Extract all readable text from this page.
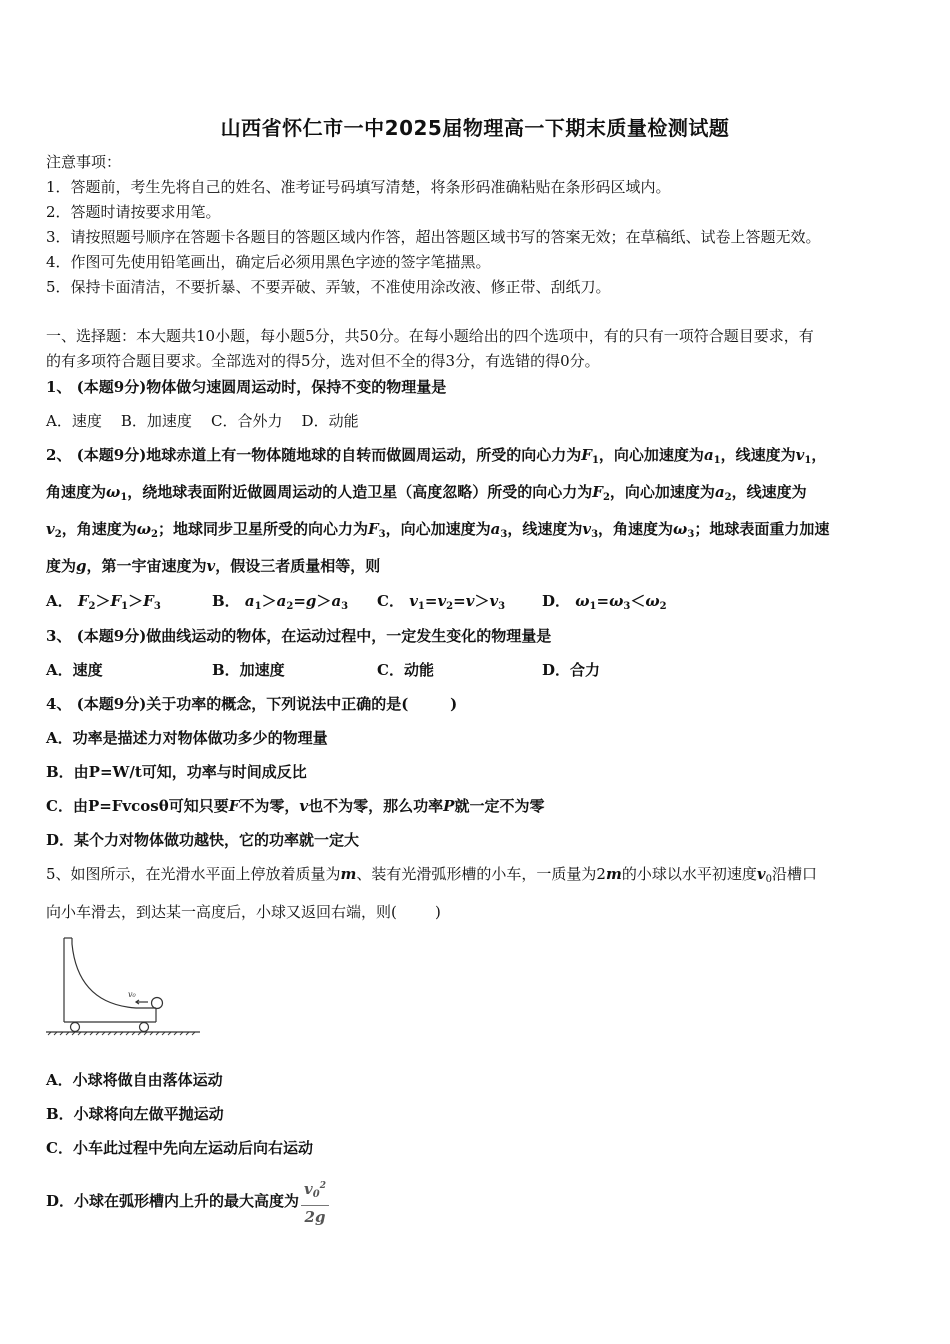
山西省怀仁市一中2025届物理高一下期末质量检测试题
注意事项：
1．答题前，考生先将自己的姓名、准考证号码填写清楚，将条形码准确粘贴在条形码区域内。
2．答题时请按要求用笔。
3．请按照题号顺序在答题卡各题目的答题区域内作答，超出答题区域书写的答案无效；在草稿纸、试卷上答题无效。
4．作图可先使用铅笔画出，确定后必须用黑色字迹的签字笔描黑。
5．保持卡面清洁，不要折暴、不要弄破、弄皱，不准使用涂改液、修正带、刮纸刀。
一、选择题：本大题共10小题，每小题5分，共50分。在每小题给出的四个选项中，有的只有一项符合题目要求，有
的有多项符合题目要求。全部选对的得5分，选对但不全的得3分，有选错的得0分。
1、 (本题9分)物体做匀速圆周运动时，保持不变的物理量是
A．速度    B．加速度    C．合外力    D．动能
2、 (本题9分)地球赤道上有一物体随地球的自转而做圆周运动，所受的向心力为$F_1$，向心加速度为$a_1$，线速度为$v_1$，
角速度为$\omega_1$，绕地球表面附近做圆周运动的人造卫星（高度忽略）所受的向心力为$F_2$，向心加速度为$a_2$，线速度为
$v_2$，角速度为$\omega_2$；地球同步卫星所受的向心力为$F_3$，向心加速度为$a_3$，线速度为$v_3$，角速度为$\omega_3$；地球表面重力加速
度为g，第一宇宙速度为v，假设三者质量相等，则
A． $F_2>F_1>F_3$	B． $a_1>a_2=g>a_3$ C． $v_1=v_2=v>v_3$ D． $\omega_1=\omega_3<\omega_2$
3、 (本题9分)做曲线运动的物体，在运动过程中，一定发生变化的物理量是
A．速度	B．加速度	C．动能	D．合力
4、 (本题9分)关于功率的概念，下列说法中正确的是(        )
A．功率是描述力对物体做功多少的物理量
B．由P=W/t可知，功率与时间成反比
C．由P=Fvcosθ可知只要F不为零，v也不为零，那么功率P就一定不为零
D．某个力对物体做功越快，它的功率就一定大
5、如图所示，在光滑水平面上停放着质量为m、装有光滑弧形槽的小车，一质量为2m的小球以水平初速度$v_0$沿槽口
向小车滑去，到达某一高度后，小球又返回右端，则(        )
v₀
A．小球将做自由落体运动
B．小球将向左做平抛运动
C．小车此过程中先向左运动后向右运动
D．小球在弧形槽内上升的最大高度为 $\frac{v_0^2}{2g}$
